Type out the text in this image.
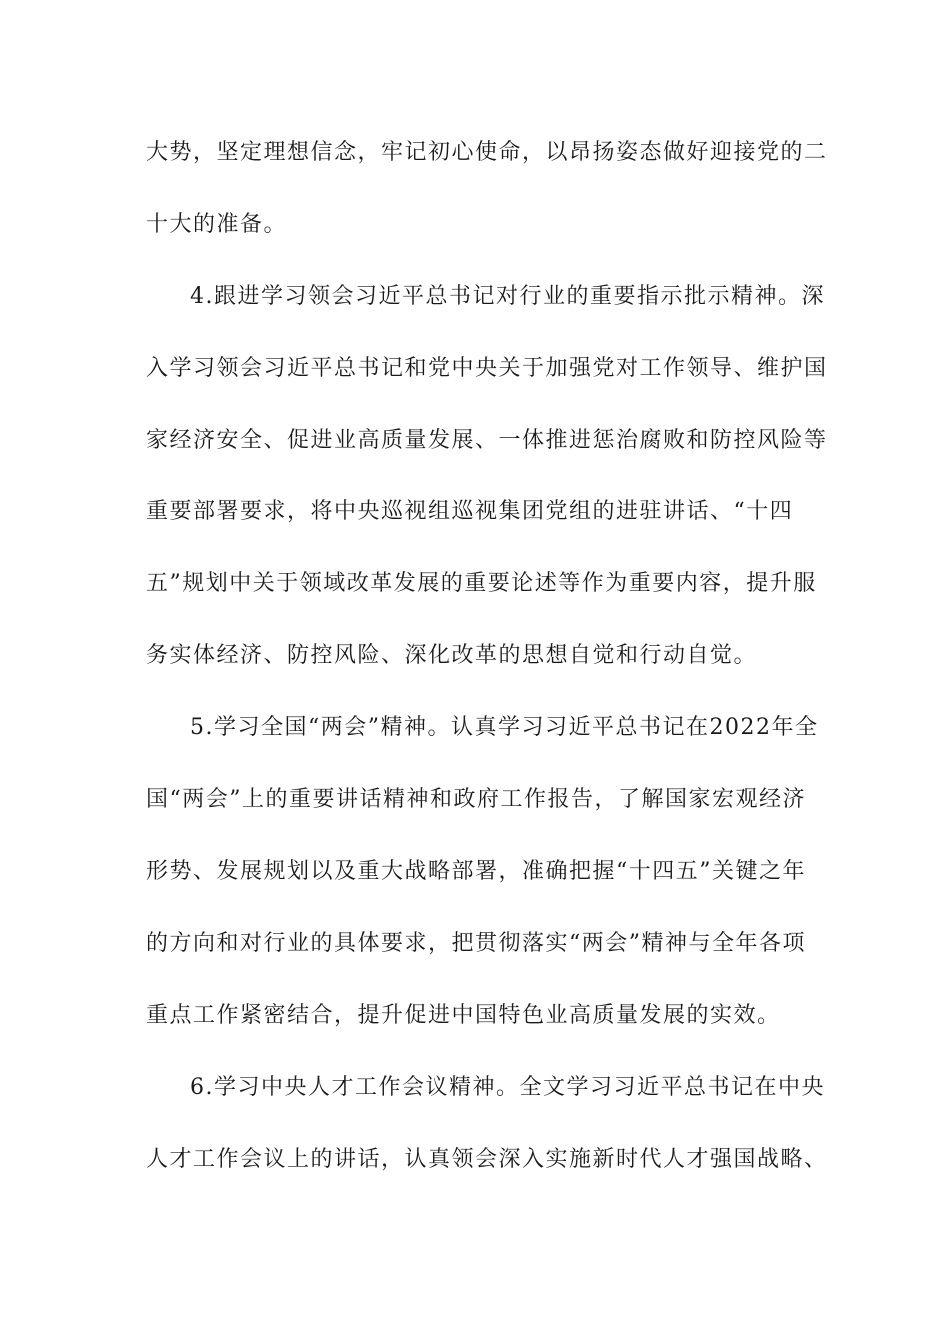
大势，坚定理想信念，牢记初心使命，以昂扬姿态做好迎接党的二
十大的准备。
4.跟进学习领会习近平总书记对行业的重要指示批示精神。深
入学习领会习近平总书记和党中央关于加强党对工作领导、维护国
家经济安全、促进业高质量发展、一体推进惩治腐败和防控风险等
重要部署要求，将中央巡视组巡视集团党组的进驻讲话、“十四
五”规划中关于领域改革发展的重要论述等作为重要内容，提升服
务实体经济、防控风险、深化改革的思想自觉和行动自觉。
5.学习全国“两会”精神。认真学习习近平总书记在2022年全
国“两会”上的重要讲话精神和政府工作报告，了解国家宏观经济
形势、发展规划以及重大战略部署，准确把握“十四五”关键之年
的方向和对行业的具体要求，把贯彻落实“两会”精神与全年各项
重点工作紧密结合，提升促进中国特色业高质量发展的实效。
6.学习中央人才工作会议精神。全文学习习近平总书记在中央
人才工作会议上的讲话，认真领会深入实施新时代人才强国战略、
